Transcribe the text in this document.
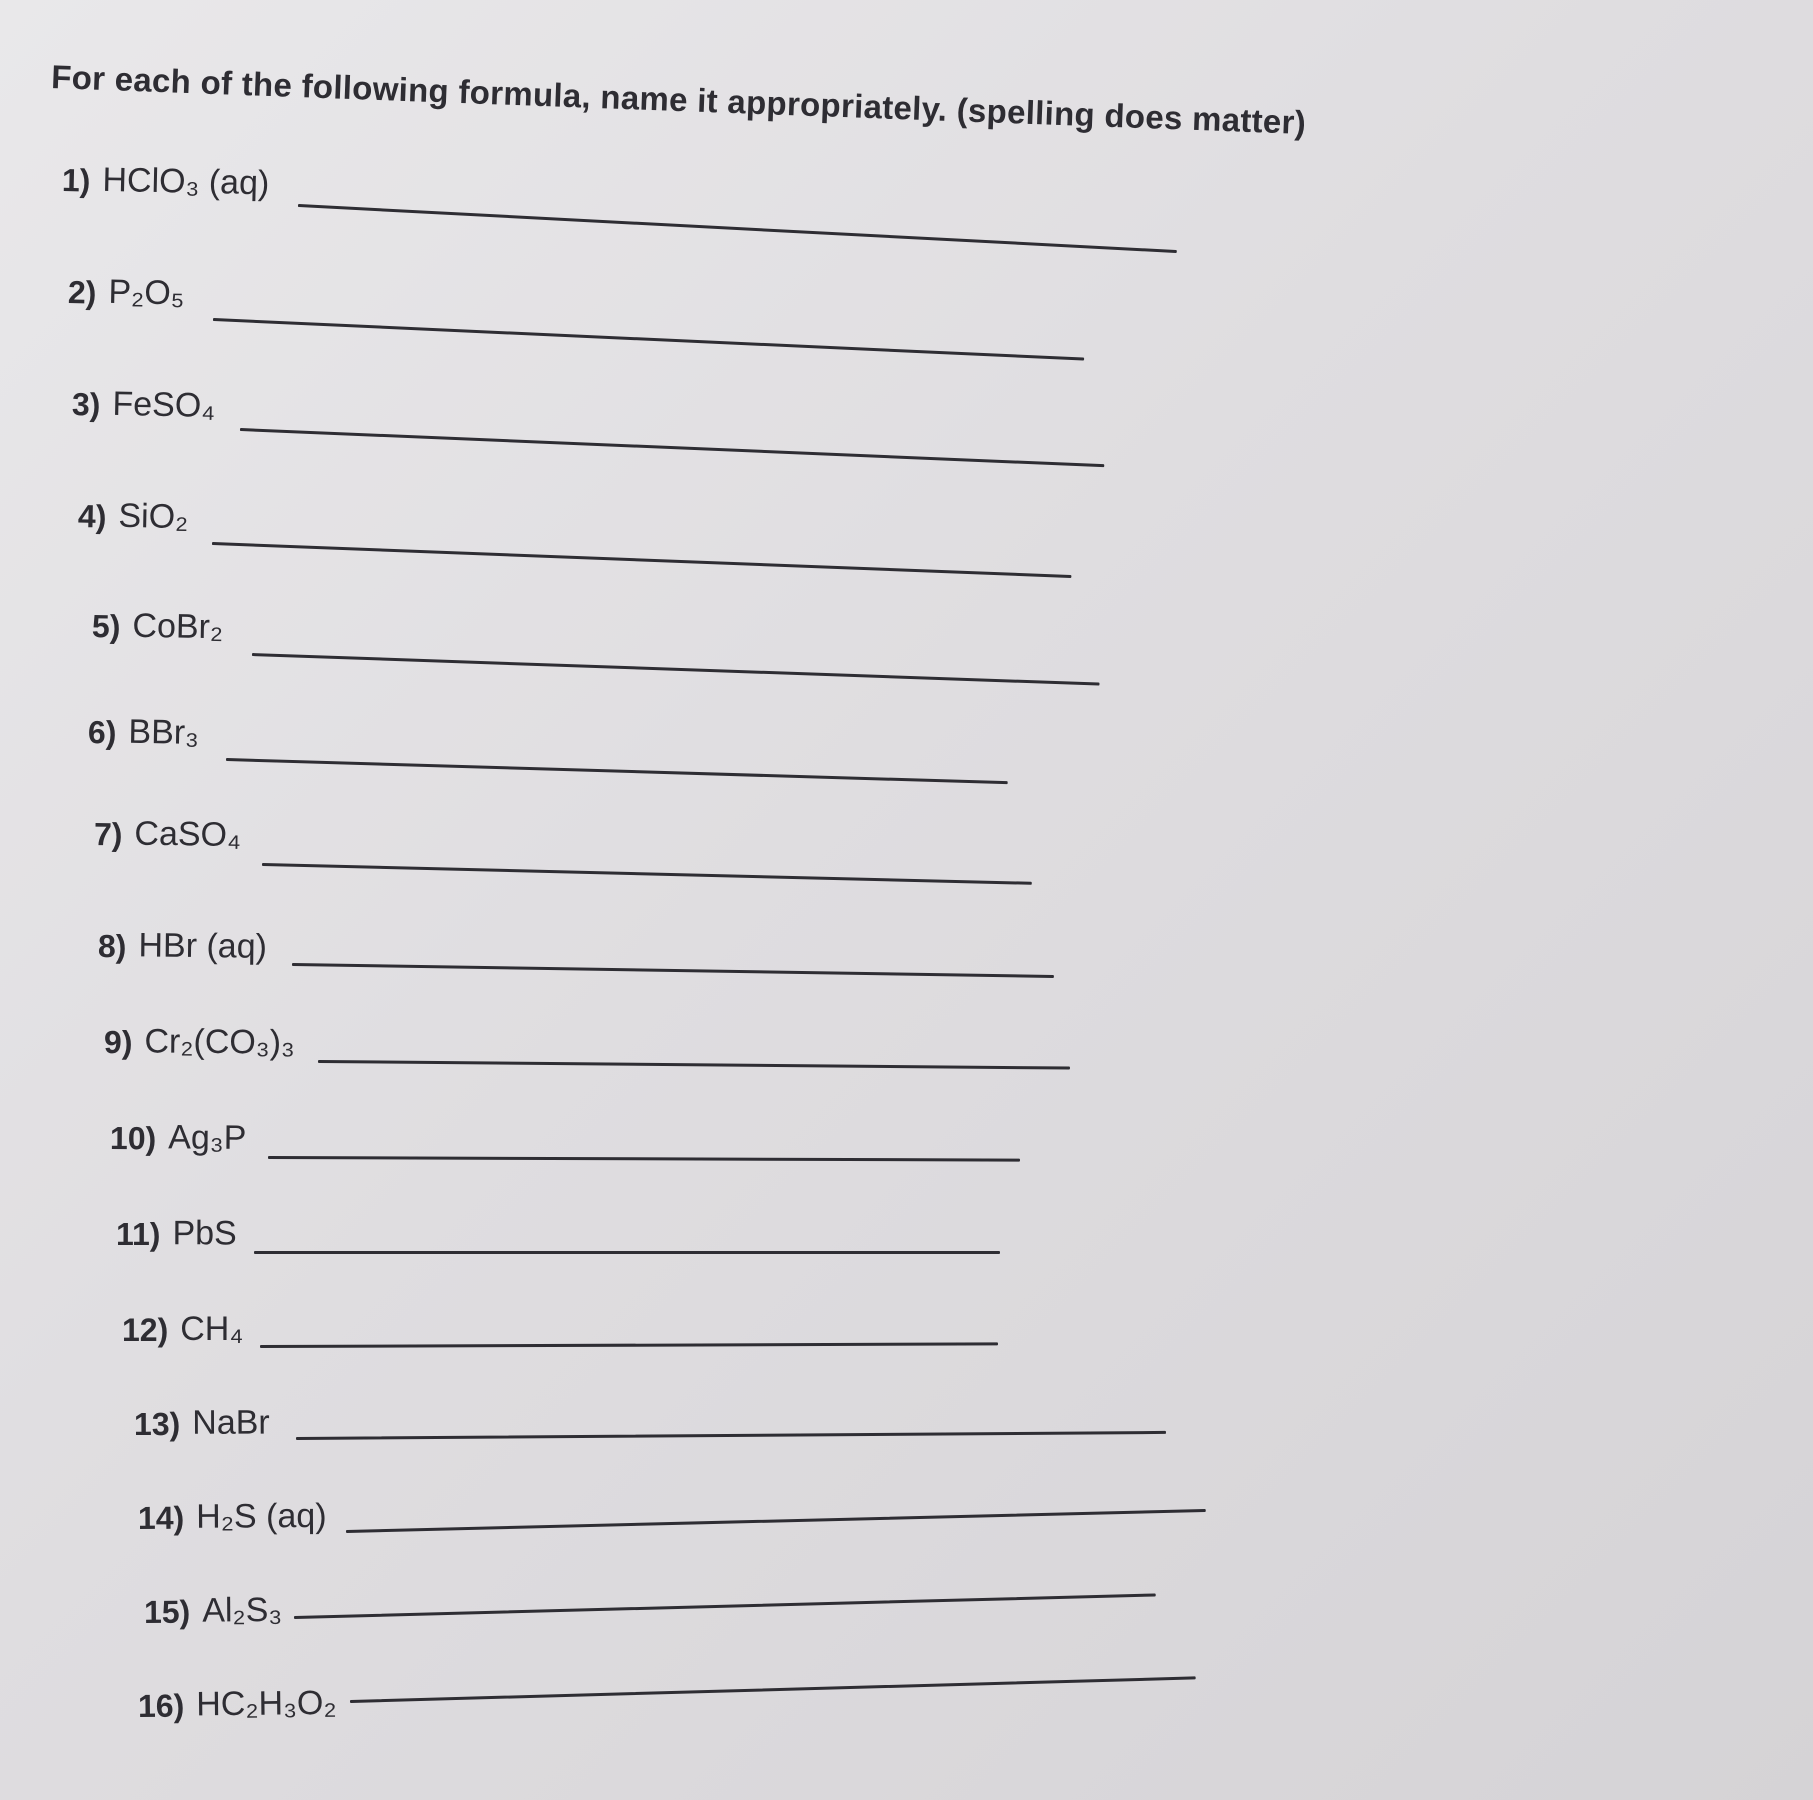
For each of the following formula, name it appropriately. (spelling does matter)
1) HClO₃ (aq)
2) P₂O₅
3) FeSO₄
4) SiO₂
5) CoBr₂
6) BBr₃
7) CaSO₄
8) HBr (aq)
9) Cr₂(CO₃)₃
10) Ag₃P
11) PbS
12) CH₄
13) NaBr
14) H₂S (aq)
15) Al₂S₃
16) HC₂H₃O₂
